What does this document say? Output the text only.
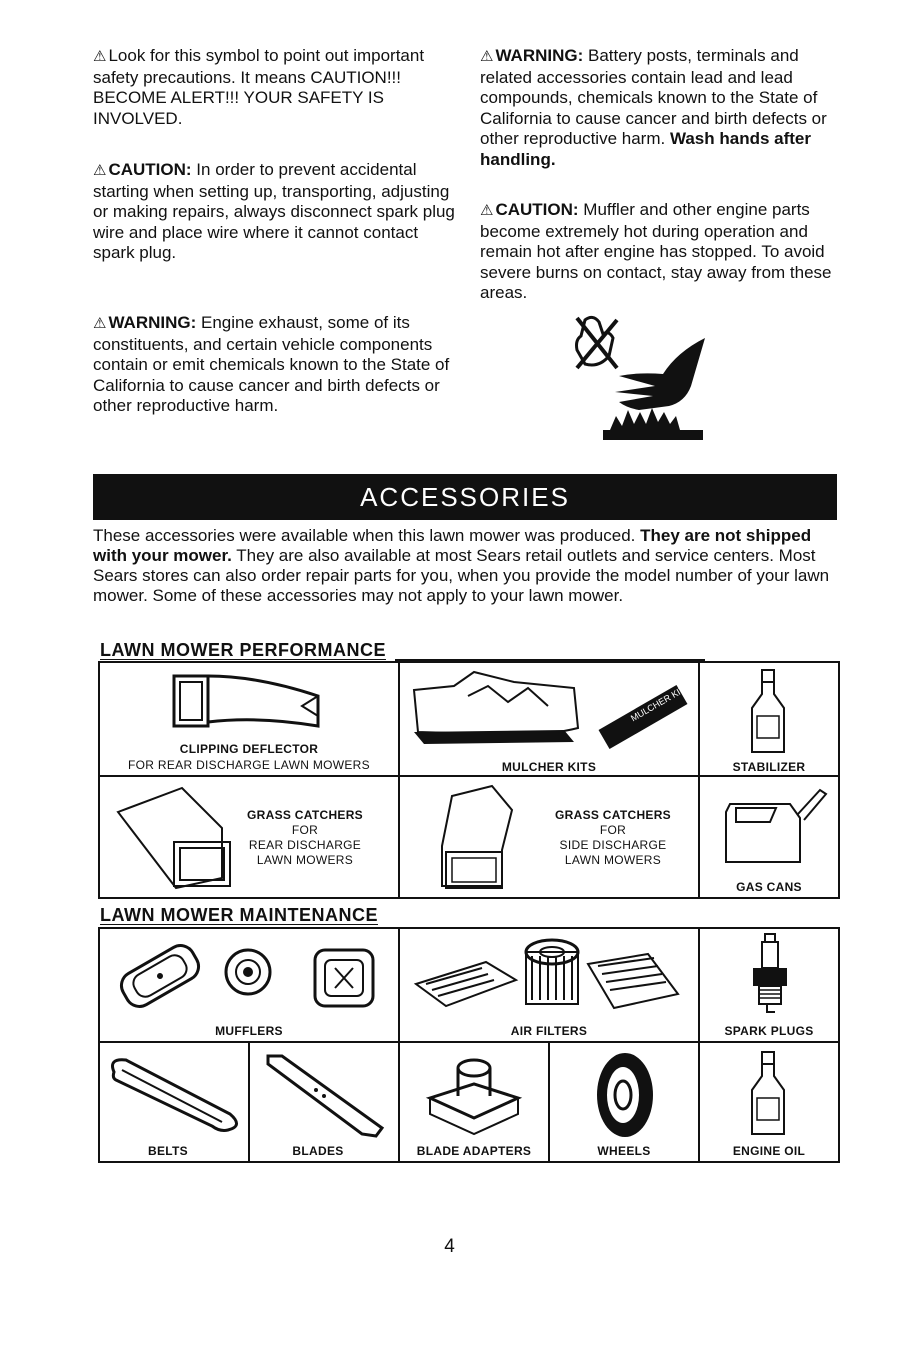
⚠ Look for this symbol to point out important safety precautions. It means CAUTION!!! BECOME ALERT!!! YOUR SAFETY IS INVOLVED.
⚠ CAUTION: In order to prevent accidental starting when setting up, transporting, adjusting or making repairs, always disconnect spark plug wire and place wire where it cannot contact spark plug.
⚠ WARNING: Engine exhaust, some of its constituents, and certain vehicle components contain or emit chemicals known to the State of California to cause cancer and birth defects or other reproductive harm.
⚠ WARNING: Battery posts, terminals and related accessories contain lead and lead compounds, chemicals known to the State of California to cause cancer and birth defects or other reproductive harm. Wash hands after handling.
⚠ CAUTION: Muffler and other engine parts become extremely hot during operation and remain hot after engine has stopped. To avoid severe burns on contact, stay away from these areas.
ACCESSORIES
These accessories were available when this lawn mower was produced. They are not shipped with your mower. They are also available at most Sears retail outlets and service centers. Most Sears stores can also order repair parts for you, when you provide the model number of your lawn mower. Some of these accessories may not apply to your lawn mower.
LAWN MOWER PERFORMANCE
CLIPPING DEFLECTOR
FOR REAR DISCHARGE LAWN MOWERS
MULCHER KIT
MULCHER KITS	STABILIZER
GRASS CATCHERS
FOR
REAR DISCHARGE
LAWN MOWERS
GRASS CATCHERS
FOR
SIDE DISCHARGE
LAWN MOWERS
GAS CANS
LAWN MOWER MAINTENANCE
MUFFLERS	AIR FILTERS	SPARK PLUGS
BELTS	BLADES	BLADE ADAPTERS	WHEELS	ENGINE OIL
4
